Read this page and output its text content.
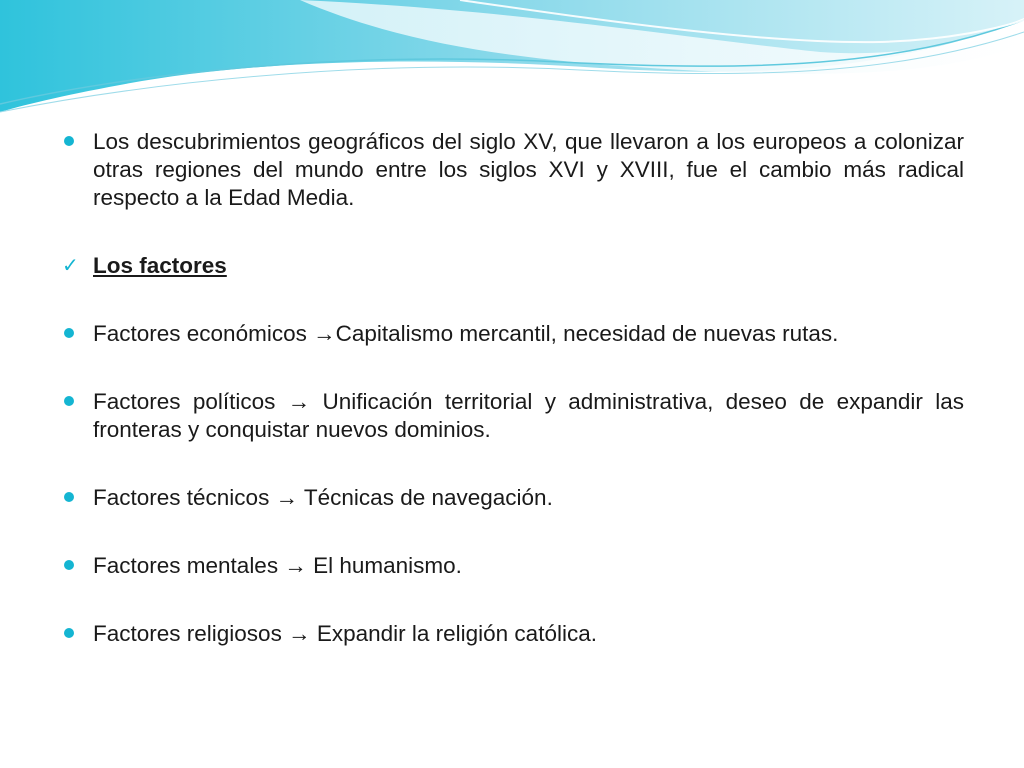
Los descubrimientos geográficos del siglo XV, que llevaron a los europeos a colonizar otras regiones del mundo entre los siglos XVI y XVIII, fue el cambio más radical respecto a la Edad Media.
✓ Los factores
Factores económicos →Capitalismo mercantil, necesidad de nuevas rutas.
Factores políticos → Unificación territorial y administrativa, deseo de expandir las fronteras y conquistar nuevos dominios.
Factores técnicos → Técnicas de navegación.
Factores mentales → El humanismo.
Factores religiosos → Expandir la religión católica.
